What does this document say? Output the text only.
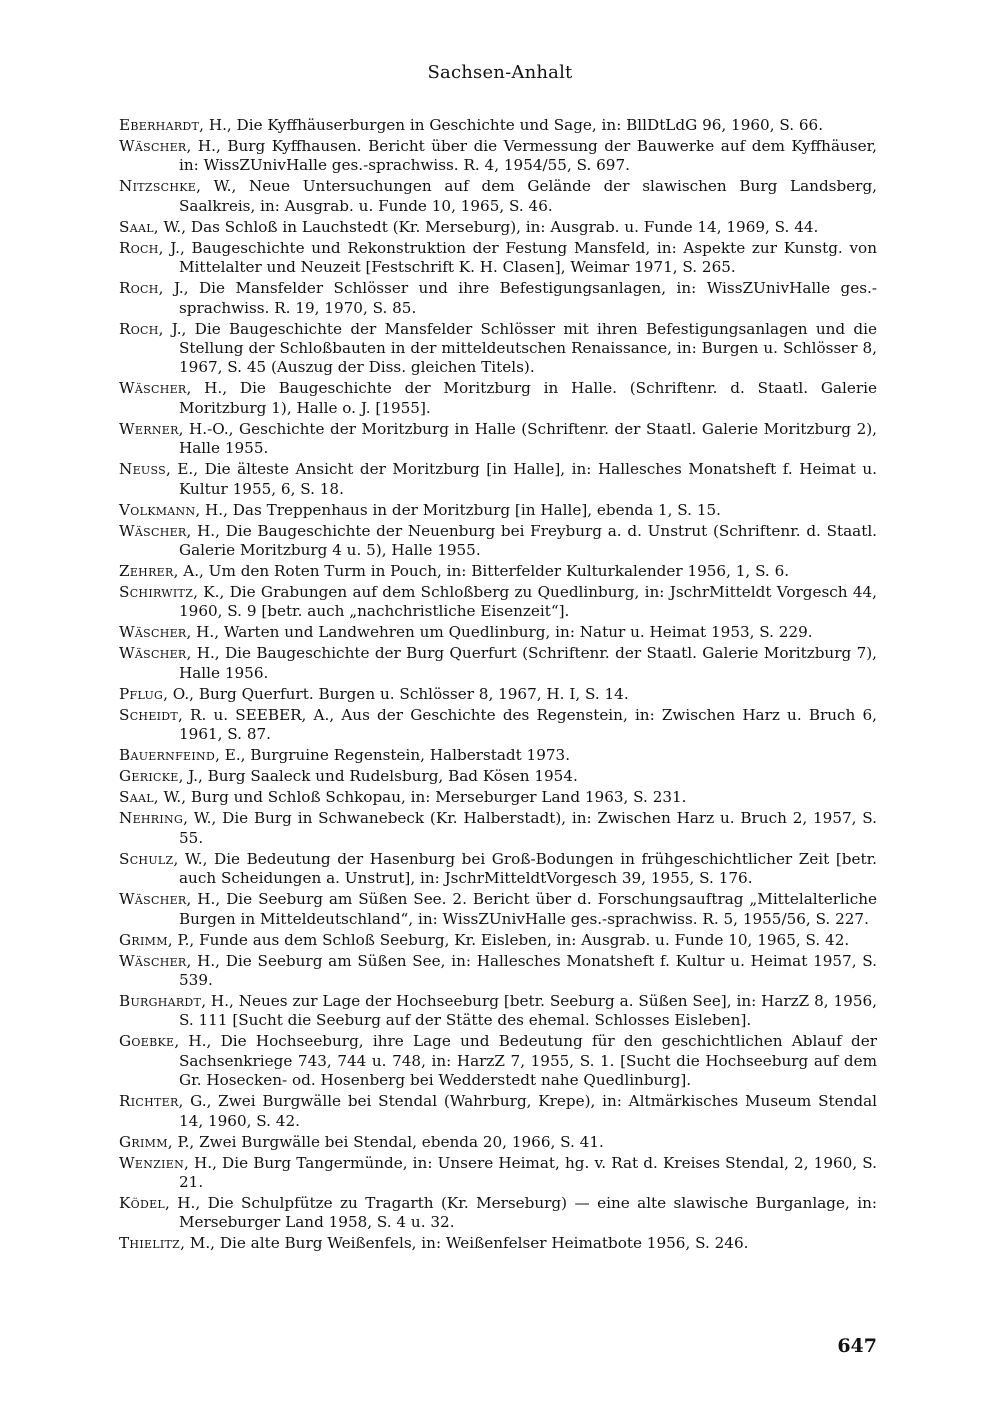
Sachsen-Anhalt

Eberhardt, H., Die Kyffhäuserburgen in Geschichte und Sage, in: BllDtLdG 96, 1960, S. 66.

Wäscher, H., Burg Kyffhausen. Bericht über die Vermessung der Bauwerke auf dem Kyffhäuser, in: WissZUnivHalle ges.-sprachwiss. R. 4, 1954/55, S. 697.

Nitzschke, W., Neue Untersuchungen auf dem Gelände der slawischen Burg Landsberg, Saalkreis, in: Ausgrab. u. Funde 10, 1965, S. 46.

Saal, W., Das Schloß in Lauchstedt (Kr. Merseburg), in: Ausgrab. u. Funde 14, 1969, S. 44.

Roch, J., Baugeschichte und Rekonstruktion der Festung Mansfeld, in: Aspekte zur Kunstg. von Mittelalter und Neuzeit [Festschrift K. H. Clasen], Weimar 1971, S. 265.

Roch, J., Die Mansfelder Schlösser und ihre Befestigungsanlagen, in: WissZUnivHalle ges.-sprachwiss. R. 19, 1970, S. 85.

Roch, J., Die Baugeschichte der Mansfelder Schlösser mit ihren Befestigungsanlagen und die Stellung der Schloßbauten in der mitteldeutschen Renaissance, in: Burgen u. Schlösser 8, 1967, S. 45 (Auszug der Diss. gleichen Titels).

Wäscher, H., Die Baugeschichte der Moritzburg in Halle. (Schriftenr. d. Staatl. Galerie Moritzburg 1), Halle o. J. [1955].

Werner, H.-O., Geschichte der Moritzburg in Halle (Schriftenr. der Staatl. Galerie Moritzburg 2), Halle 1955.

Neuss, E., Die älteste Ansicht der Moritzburg [in Halle], in: Hallesches Monatsheft f. Heimat u. Kultur 1955, 6, S. 18.

Volkmann, H., Das Treppenhaus in der Moritzburg [in Halle], ebenda 1, S. 15.

Wäscher, H., Die Baugeschichte der Neuenburg bei Freyburg a. d. Unstrut (Schriftenr. d. Staatl. Galerie Moritzburg 4 u. 5), Halle 1955.

Zehrer, A., Um den Roten Turm in Pouch, in: Bitterfelder Kulturkalender 1956, 1, S. 6.

Schirwitz, K., Die Grabungen auf dem Schloßberg zu Quedlinburg, in: JschrMitteldt Vorgesch 44, 1960, S. 9 [betr. auch „nachchristliche Eisenzeit“].

Wäscher, H., Warten und Landwehren um Quedlinburg, in: Natur u. Heimat 1953, S. 229.

Wäscher, H., Die Baugeschichte der Burg Querfurt (Schriftenr. der Staatl. Galerie Moritzburg 7), Halle 1956.

Pflug, O., Burg Querfurt. Burgen u. Schlösser 8, 1967, H. I, S. 14.

Scheidt, R. u. SEEBER, A., Aus der Geschichte des Regenstein, in: Zwischen Harz u. Bruch 6, 1961, S. 87.

Bauernfeind, E., Burgruine Regenstein, Halberstadt 1973.

Gericke, J., Burg Saaleck und Rudelsburg, Bad Kösen 1954.

Saal, W., Burg und Schloß Schkopau, in: Merseburger Land 1963, S. 231.

Nehring, W., Die Burg in Schwanebeck (Kr. Halberstadt), in: Zwischen Harz u. Bruch 2, 1957, S. 55.

Schulz, W., Die Bedeutung der Hasenburg bei Groß-Bodungen in frühgeschichtlicher Zeit [betr. auch Scheidungen a. Unstrut], in: JschrMitteldtVorgesch 39, 1955, S. 176.

Wäscher, H., Die Seeburg am Süßen See. 2. Bericht über d. Forschungsauftrag „Mittelalterliche Burgen in Mitteldeutschland“, in: WissZUnivHalle ges.-sprachwiss. R. 5, 1955/56, S. 227.

Grimm, P., Funde aus dem Schloß Seeburg, Kr. Eisleben, in: Ausgrab. u. Funde 10, 1965, S. 42.

Wäscher, H., Die Seeburg am Süßen See, in: Hallesches Monatsheft f. Kultur u. Heimat 1957, S. 539.

Burghardt, H., Neues zur Lage der Hochseeburg [betr. Seeburg a. Süßen See], in: HarzZ 8, 1956, S. 111 [Sucht die Seeburg auf der Stätte des ehemal. Schlosses Eisleben].

Goebke, H., Die Hochseeburg, ihre Lage und Bedeutung für den geschichtlichen Ablauf der Sachsenkriege 743, 744 u. 748, in: HarzZ 7, 1955, S. 1. [Sucht die Hochseeburg auf dem Gr. Hosecken- od. Hosenberg bei Wedderstedt nahe Quedlinburg].

Richter, G., Zwei Burgwälle bei Stendal (Wahrburg, Krepe), in: Altmärkisches Museum Stendal 14, 1960, S. 42.

Grimm, P., Zwei Burgwälle bei Stendal, ebenda 20, 1966, S. 41.

Wenzien, H., Die Burg Tangermünde, in: Unsere Heimat, hg. v. Rat d. Kreises Stendal, 2, 1960, S. 21.

Ködel, H., Die Schulpfütze zu Tragarth (Kr. Merseburg) — eine alte slawische Burganlage, in: Merseburger Land 1958, S. 4 u. 32.

Thielitz, M., Die alte Burg Weißenfels, in: Weißenfelser Heimatbote 1956, S. 246.

647
